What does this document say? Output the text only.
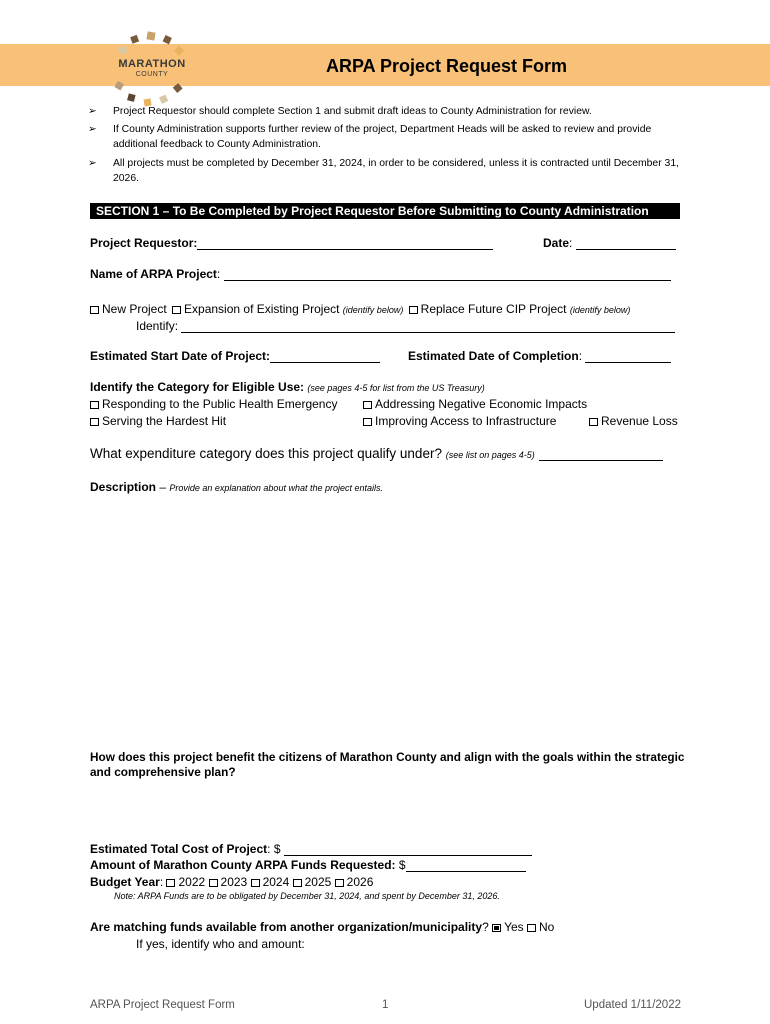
MARATHON
COUNTY	ARPA Project Request Form
➢ Project Requestor should complete Section 1 and submit draft ideas to County Administration for review.
➢ If County Administration supports further review of the project, Department Heads will be asked to review and provide additional feedback to County Administration.
➢ All projects must be completed by December 31, 2024, in order to be considered, unless it is contracted until December 31, 2026.
SECTION 1 – To Be Completed by Project Requestor Before Submitting to County Administration
Project Requestor:	Date:
Name of ARPA Project:
New Project Expansion of Existing Project (identify below) Replace Future CIP Project (identify below)
Identify:
Estimated Start Date of Project:	Estimated Date of Completion:
Identify the Category for Eligible Use: (see pages 4-5 for list from the US Treasury)
Responding to the Public Health Emergency	Addressing Negative Economic Impacts
Serving the Hardest Hit	Improving Access to Infrastructure	Revenue Loss
What expenditure category does this project qualify under? (see list on pages 4-5)
Description – Provide an explanation about what the project entails.
How does this project benefit the citizens of Marathon County and align with the goals within the strategic and comprehensive plan?
Estimated Total Cost of Project: $
Amount of Marathon County ARPA Funds Requested: $
Budget Year: 2022 2023 2024 2025 2026
Note: ARPA Funds are to be obligated by December 31, 2024, and spent by December 31, 2026.
Are matching funds available from another organization/municipality? Yes No
If yes, identify who and amount:
ARPA Project Request Form	1	Updated 1/11/2022
